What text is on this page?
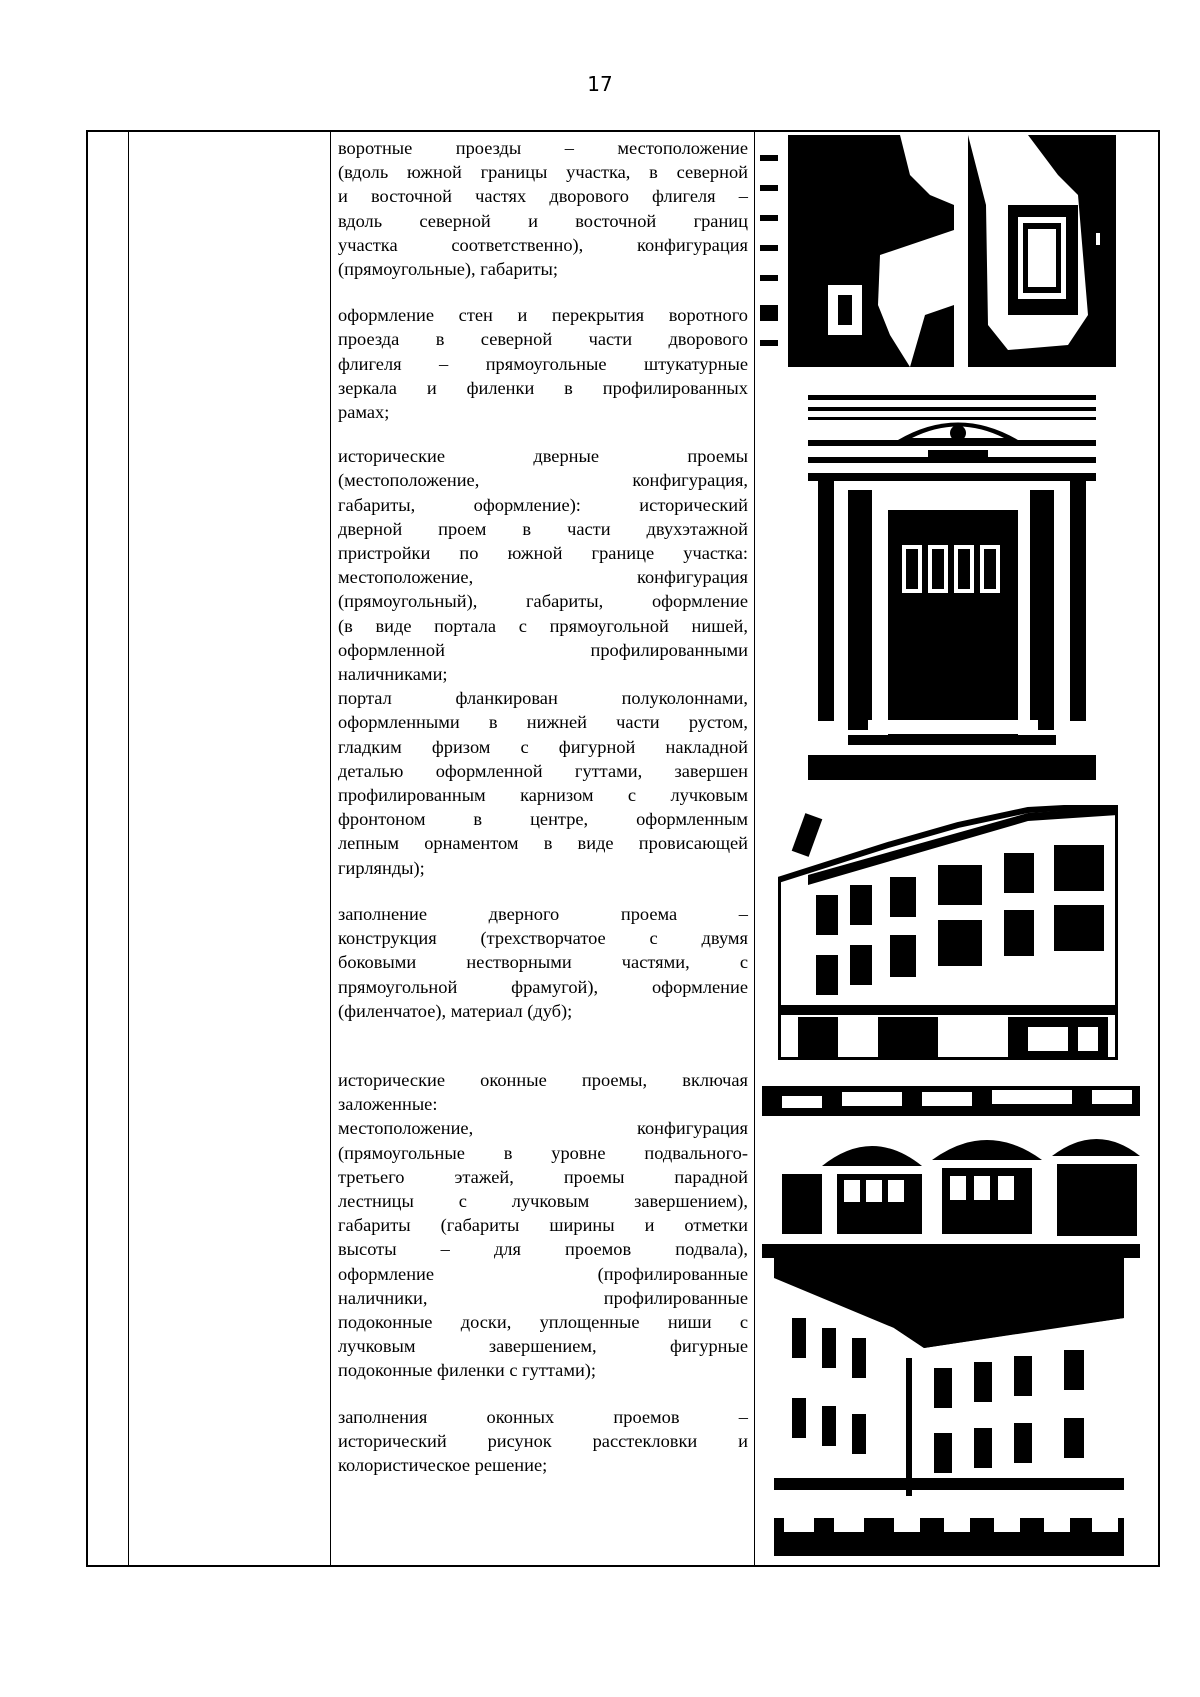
17
воротные проезды – местоположение
(вдоль южной границы участка, в северной
и восточной частях дворового флигеля –
вдоль северной и восточной границ
участка соответственно), конфигурация
(прямоугольные), габариты;
оформление стен и перекрытия воротного
проезда в северной части дворового
флигеля – прямоугольные штукатурные
зеркала и филенки в профилированных
рамах;
исторические дверные проемы
(местоположение, конфигурация,
габариты, оформление): исторический
дверной проем в части двухэтажной
пристройки по южной границе участка:
местоположение, конфигурация
(прямоугольный), габариты, оформление
(в виде портала с прямоугольной нишей,
оформленной профилированными
наличниками;
портал фланкирован полуколоннами,
оформленными в нижней части рустом,
гладким фризом с фигурной накладной
деталью оформленной гуттами, завершен
профилированным карнизом с лучковым
фронтоном в центре, оформленным
лепным орнаментом в виде провисающей
гирлянды);
заполнение дверного проема –
конструкция (трехстворчатое с двумя
боковыми нестворными частями, с
прямоугольной фрамугой), оформление
(филенчатое), материал (дуб);
исторические оконные проемы, включая
заложенные:
местоположение, конфигурация
(прямоугольные в уровне подвального-
третьего этажей, проемы парадной
лестницы с лучковым завершением),
габариты (габариты ширины и отметки
высоты – для проемов подвала),
оформление (профилированные
наличники, профилированные
подоконные доски, уплощенные ниши с
лучковым завершением, фигурные
подоконные филенки с гуттами);
заполнения оконных проемов –
исторический рисунок расстекловки и
колористическое решение;
